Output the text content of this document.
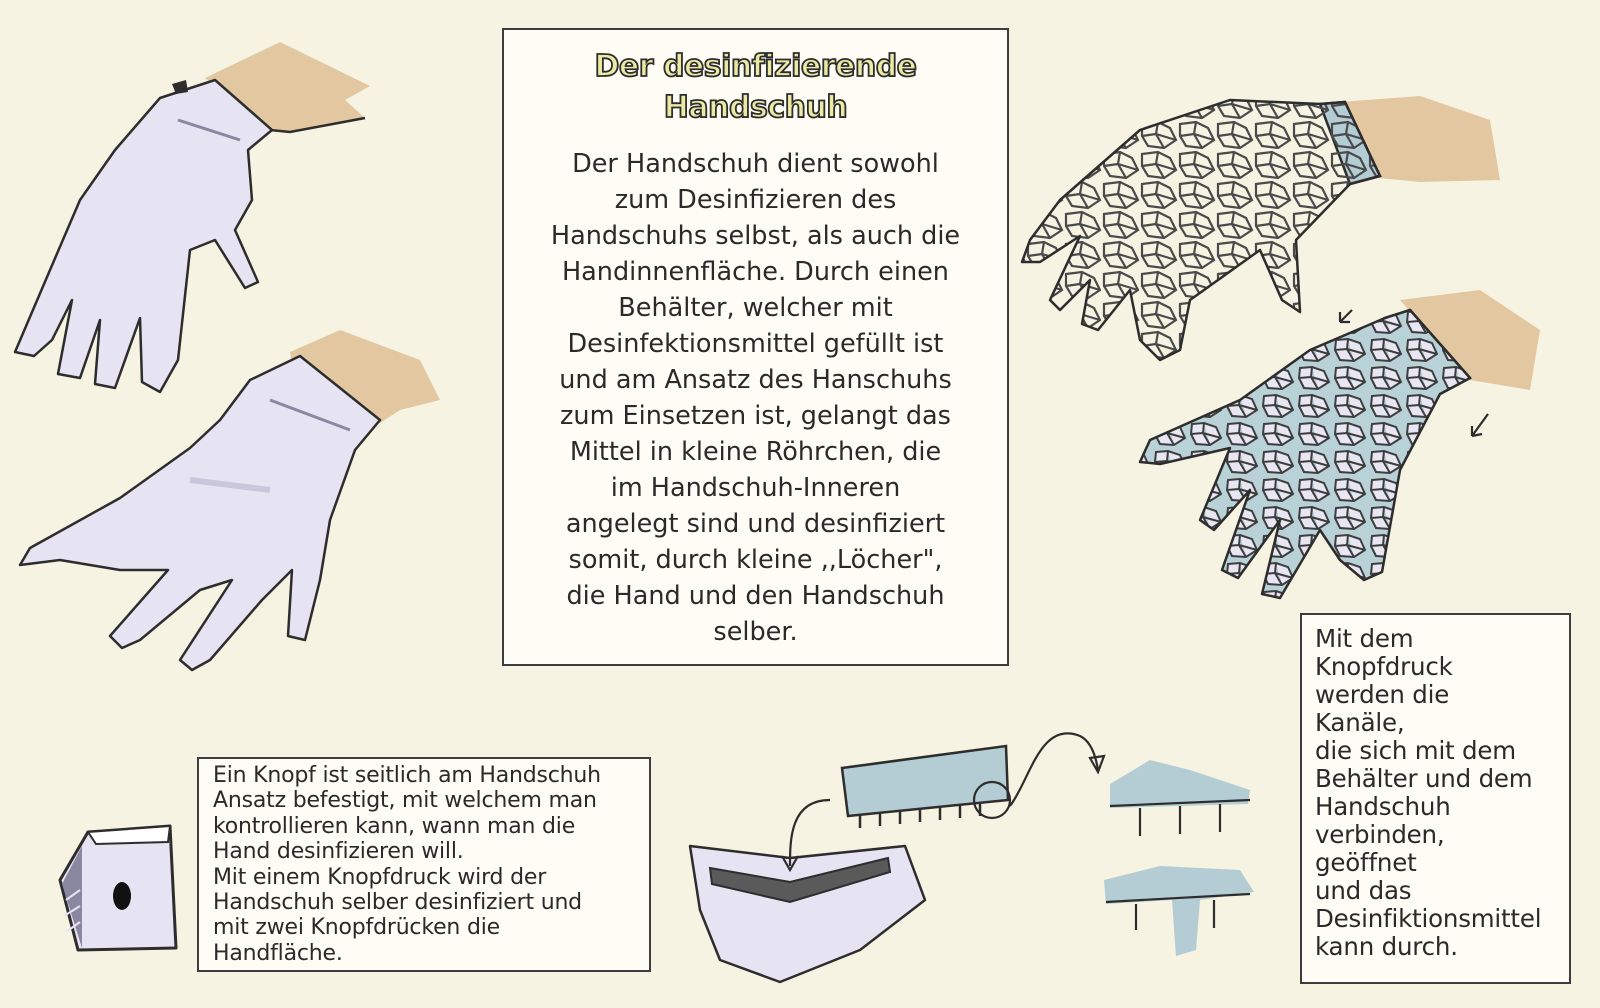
Der desinfizierende
Handschuh
Der Handschuh dient sowohl
zum Desinfizieren des
Handschuhs selbst, als auch die
Handinnenfläche. Durch einen
Behälter, welcher mit
Desinfektionsmittel gefüllt ist
und am Ansatz des Hanschuhs
zum Einsetzen ist, gelangt das
Mittel in kleine Röhrchen, die
im Handschuh-Inneren
angelegt sind und desinfiziert
somit, durch kleine ,,Löcher",
die Hand und den Handschuh
selber.
Ein Knopf ist seitlich am Handschuh
Ansatz befestigt, mit welchem man
kontrollieren kann, wann man die
Hand desinfizieren will.
Mit einem Knopfdruck wird der
Handschuh selber desinfiziert und
mit zwei Knopfdrücken die
Handfläche.
Mit dem
Knopfdruck
werden die
Kanäle,
die sich mit dem
Behälter und dem
Handschuh
verbinden,
geöffnet
und das
Desinfiktionsmittel
kann durch.
